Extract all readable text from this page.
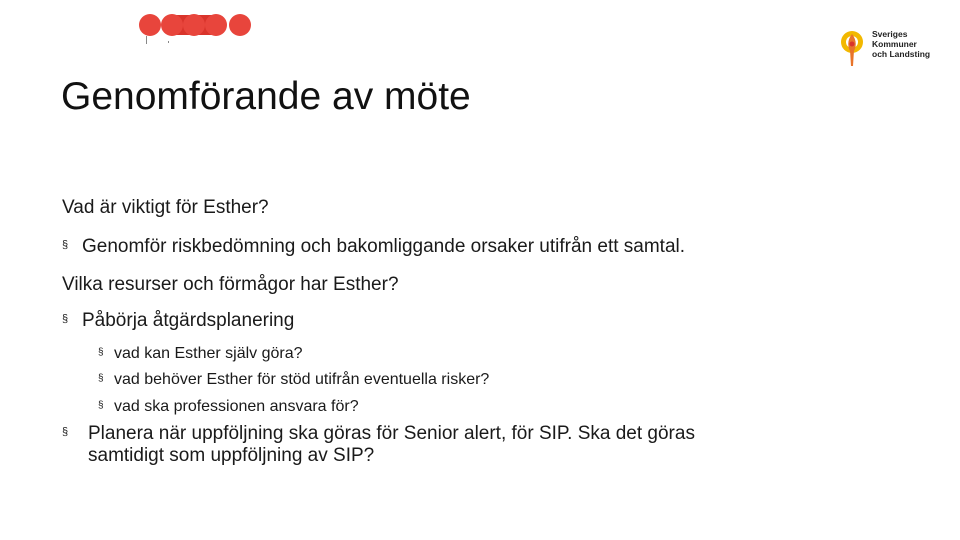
Sveriges
Kommuner
och Landsting
Genomförande av möte
Vad är viktigt för Esther?
§ Genomför riskbedömning och bakomliggande orsaker utifrån ett samtal.
Vilka resurser och förmågor har Esther?
§ Påbörja åtgärdsplanering
§ vad kan Esther själv göra?
§ vad behöver Esther för stöd utifrån eventuella risker?
§ vad ska professionen ansvara för?
§ Planera när uppföljning ska göras för Senior alert, för SIP. Ska det göras
samtidigt som uppföljning av SIP?
